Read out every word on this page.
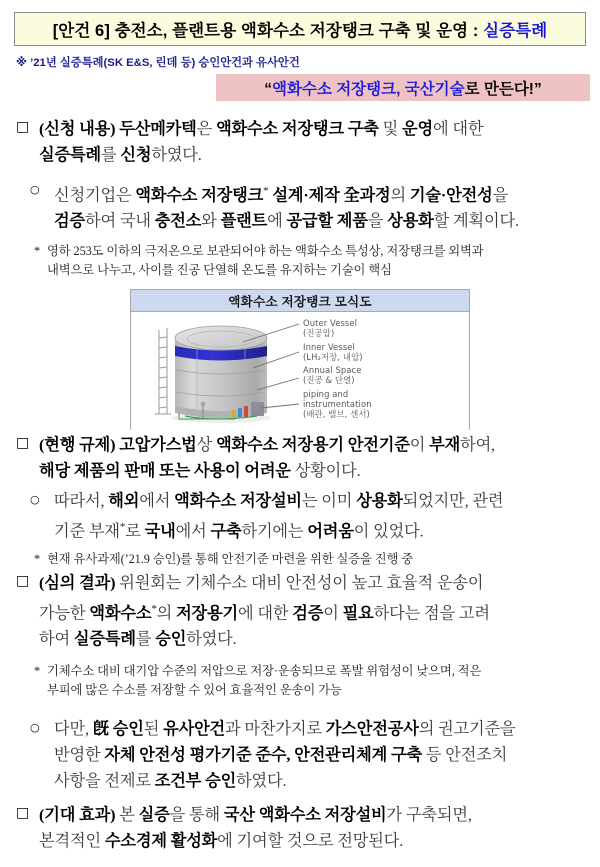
[안건 6] 충전소, 플랜트용 액화수소 저장탱크 구축 및 운영 : 실증특례
※ ’21년 실증특례(SK E&S, 린데 등) 승인안건과 유사안건
“액화수소 저장탱크, 국산기술로 만든다!”
□ (신청 내용) 두산메카텍은 액화수소 저장탱크 구축 및 운영에 대한
실증특례를 신청하였다.
○ 신청기업은 액화수소 저장탱크* 설계·제작 全과정의 기술·안전성을
검증하여 국내 충전소와 플랜트에 공급할 제품을 상용화할 계획이다.
* 영하 253도 이하의 극저온으로 보관되어야 하는 액화수소 특성상, 저장탱크를 외벽과
내벽으로 나누고, 사이를 진공 단열해 온도를 유지하는 기술이 핵심
액화수소 저장탱크 모식도
Outer Vessel
(진공압)
Inner Vessel
(LH₂저장, 내압)
Annual Space
(진공 & 단열)
piping and
instrumentation
(배관, 밸브, 센서)
□ (현행 규제) 고압가스법상 액화수소 저장용기 안전기준이 부재하여,
해당 제품의 판매 또는 사용이 어려운 상황이다.
○ 따라서, 해외에서 액화수소 저장설비는 이미 상용화되었지만, 관련
기준 부재*로 국내에서 구축하기에는 어려움이 있었다.
* 현재 유사과제(’21.9 승인)를 통해 안전기준 마련을 위한 실증을 진행 중
□ (심의 결과) 위원회는 기체수소 대비 안전성이 높고 효율적 운송이
가능한 액화수소*의 저장용기에 대한 검증이 필요하다는 점을 고려
하여 실증특례를 승인하였다.
* 기체수소 대비 대기압 수준의 저압으로 저장·운송되므로 폭발 위험성이 낮으며, 적은
부피에 많은 수소를 저장할 수 있어 효율적인 운송이 가능
○ 다만, 旣 승인된 유사안건과 마찬가지로 가스안전공사의 권고기준을
반영한 자체 안전성 평가기준 준수, 안전관리체계 구축 등 안전조치
사항을 전제로 조건부 승인하였다.
□ (기대 효과) 본 실증을 통해 국산 액화수소 저장설비가 구축되면,
본격적인 수소경제 활성화에 기여할 것으로 전망된다.
